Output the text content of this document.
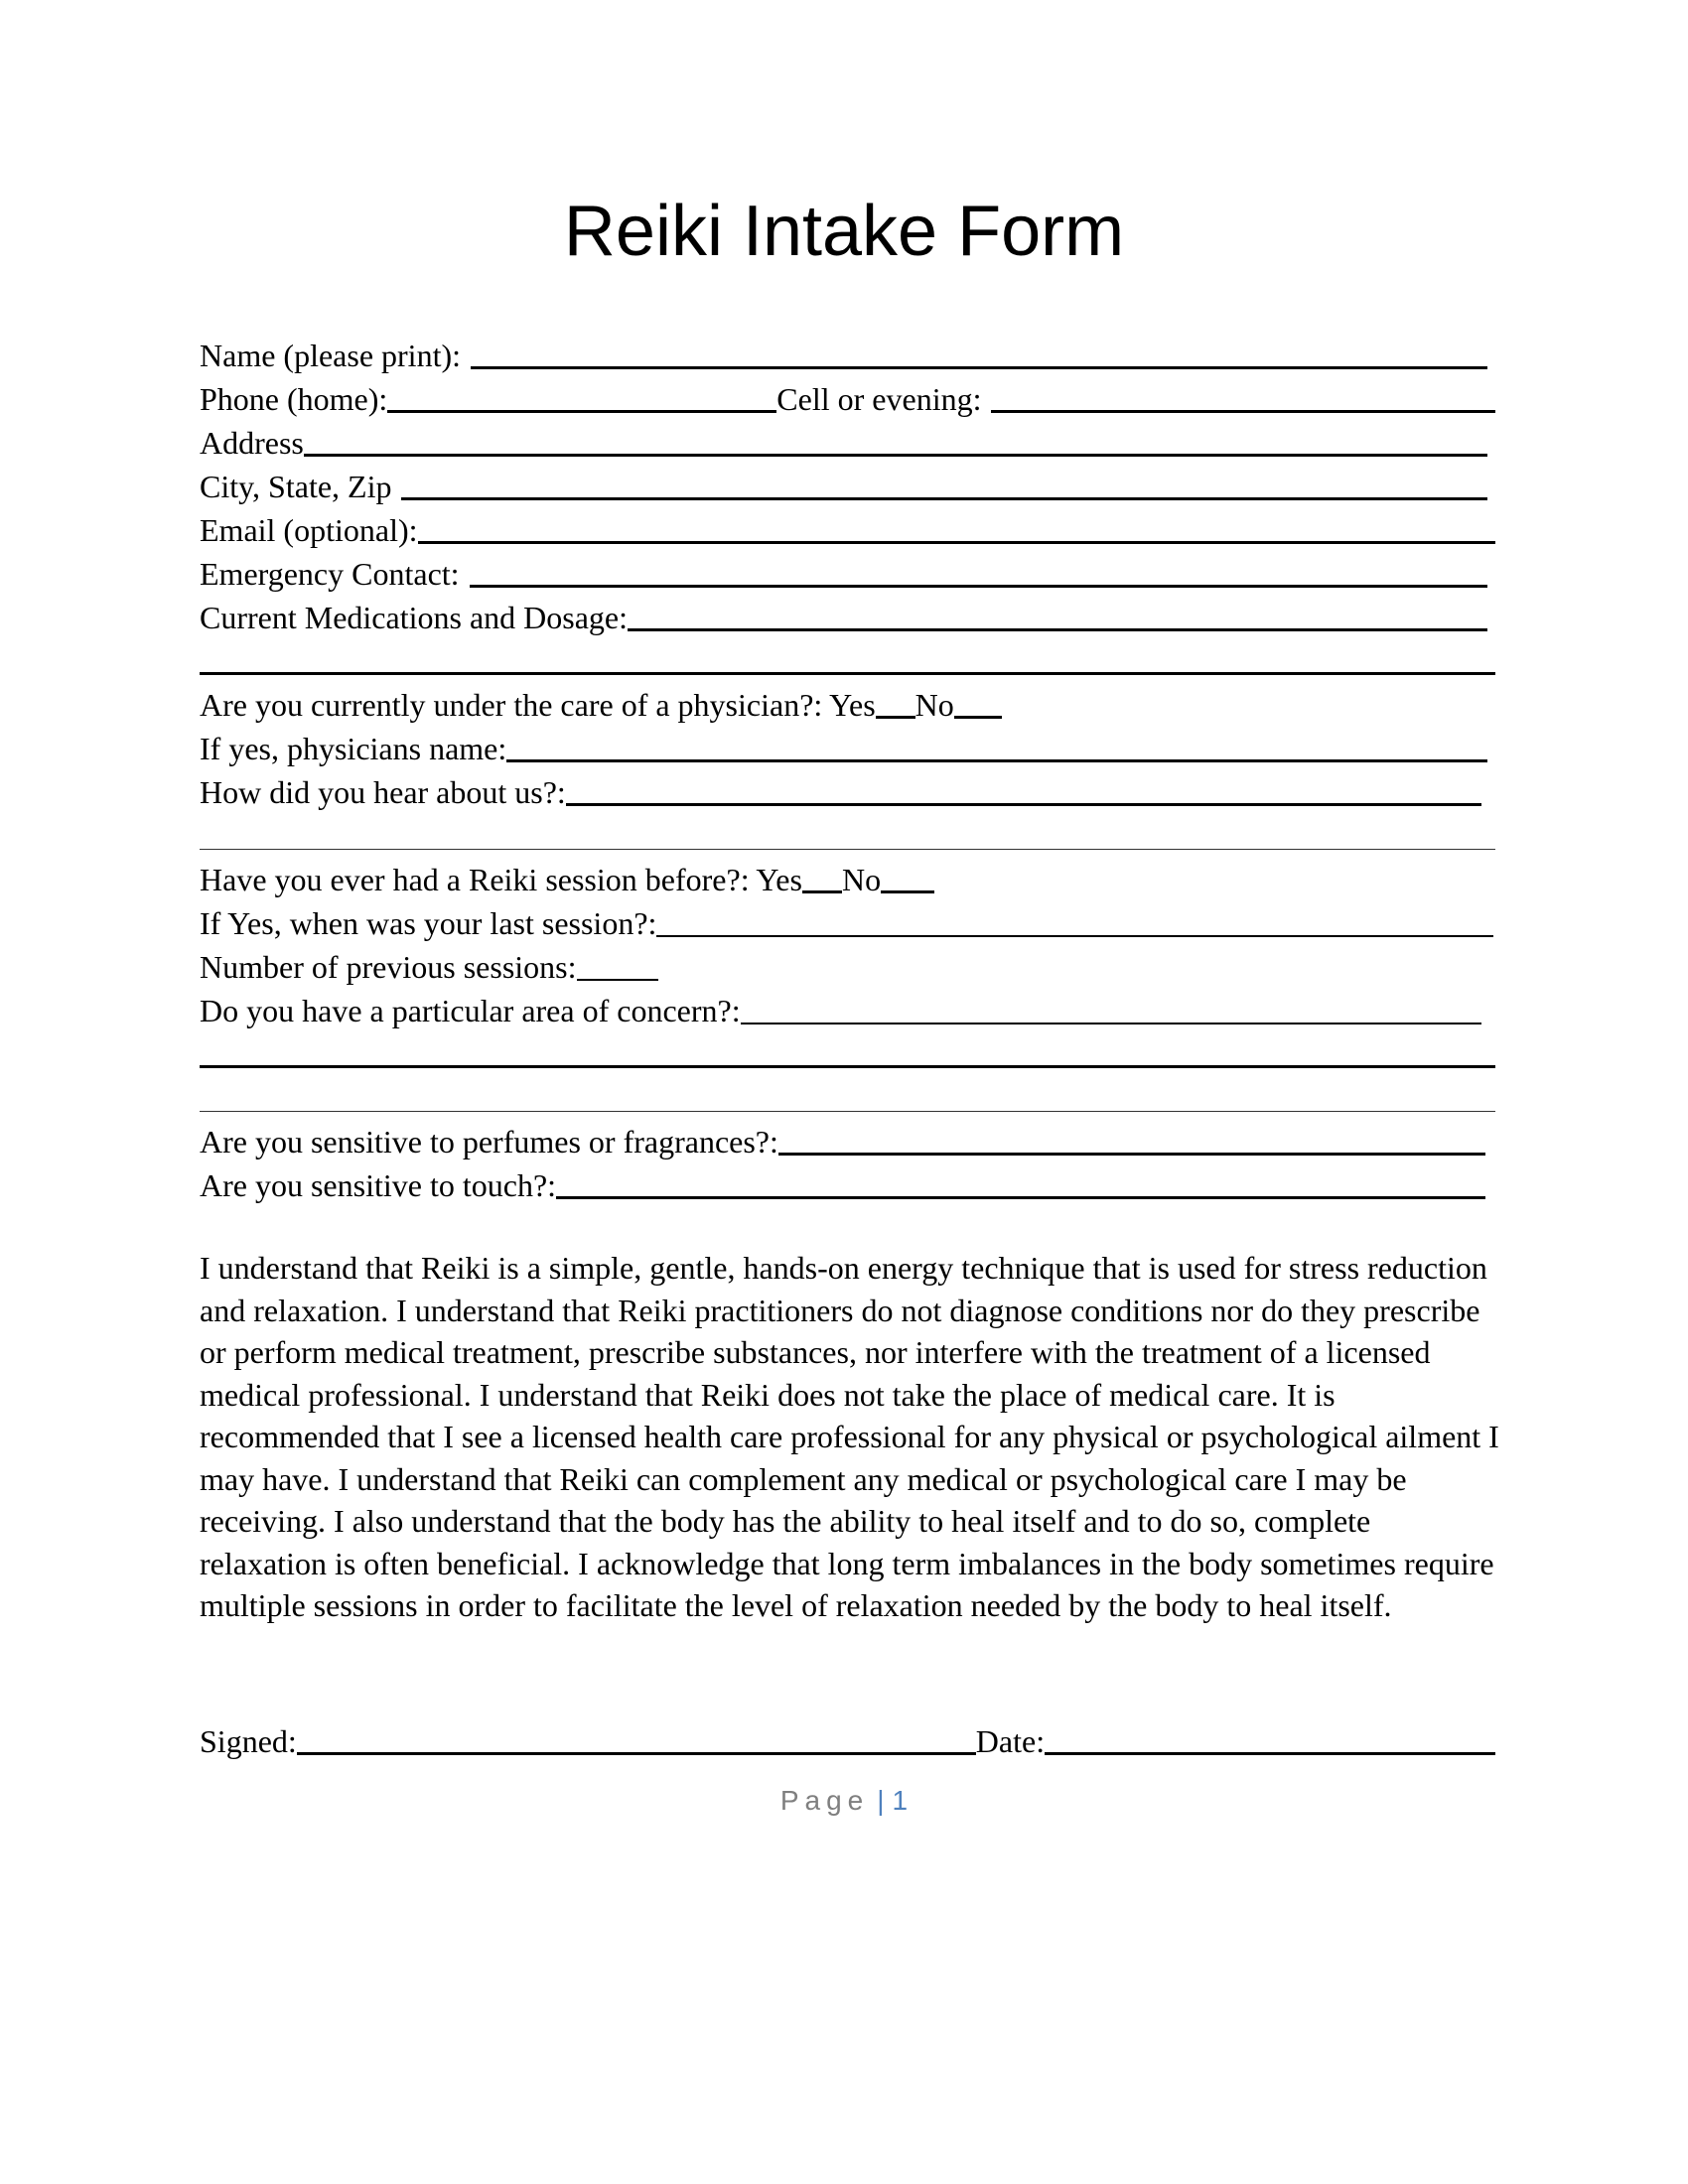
Reiki Intake Form
Name (please print):
Phone (home):	Cell or evening:
Address
City, State, Zip
Email (optional):
Emergency Contact:
Current Medications and Dosage:
Are you currently under the care of a physician?: Yes No
If yes, physicians name:
How did you hear about us?:
Have you ever had a Reiki session before?: Yes No
If Yes, when was your last session?:
Number of previous sessions:
Do you have a particular area of concern?:
Are you sensitive to perfumes or fragrances?:
Are you sensitive to touch?:
I understand that Reiki is a simple, gentle, hands-on energy technique that is used for stress reduction and relaxation. I understand that Reiki practitioners do not diagnose conditions nor do they prescribe or perform medical treatment, prescribe substances, nor interfere with the treatment of a licensed medical professional. I understand that Reiki does not take the place of medical care. It is recommended that I see a licensed health care professional for any physical or psychological ailment I may have. I understand that Reiki can complement any medical or psychological care I may be receiving. I also understand that the body has the ability to heal itself and to do so, complete relaxation is often beneficial. I acknowledge that long term imbalances in the body sometimes require multiple sessions in order to facilitate the level of relaxation needed by the body to heal itself.
Signed:	Date:
Page | 1
